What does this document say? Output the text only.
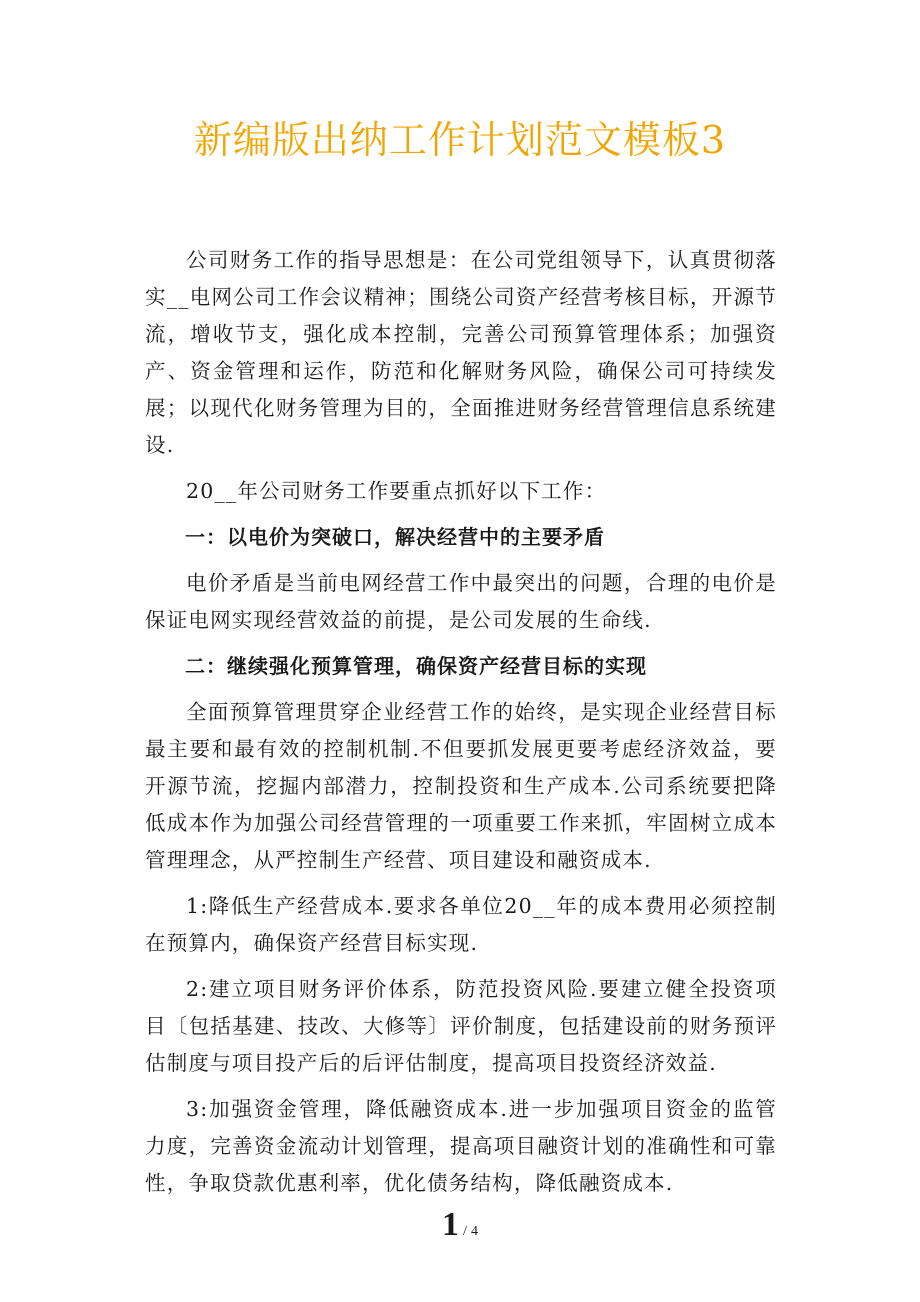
新编版出纳工作计划范文模板3

公司财务工作的指导思想是：在公司党组领导下，认真贯彻落实__电网公司工作会议精神；围绕公司资产经营考核目标，开源节流，增收节支，强化成本控制，完善公司预算管理体系；加强资产、资金管理和运作，防范和化解财务风险，确保公司可持续发展；以现代化财务管理为目的，全面推进财务经营管理信息系统建设.

20__年公司财务工作要重点抓好以下工作：

一：以电价为突破口，解决经营中的主要矛盾

电价矛盾是当前电网经营工作中最突出的问题，合理的电价是保证电网实现经营效益的前提，是公司发展的生命线.

二：继续强化预算管理，确保资产经营目标的实现

全面预算管理贯穿企业经营工作的始终，是实现企业经营目标最主要和最有效的控制机制.不但要抓发展更要考虑经济效益，要开源节流，挖掘内部潜力，控制投资和生产成本.公司系统要把降低成本作为加强公司经营管理的一项重要工作来抓，牢固树立成本管理理念，从严控制生产经营、项目建设和融资成本.

1:降低生产经营成本.要求各单位20__年的成本费用必须控制在预算内，确保资产经营目标实现.

2:建立项目财务评价体系，防范投资风险.要建立健全投资项目〔包括基建、技改、大修等〕评价制度，包括建设前的财务预评估制度与项目投产后的后评估制度，提高项目投资经济效益.

3:加强资金管理，降低融资成本.进一步加强项目资金的监管力度，完善资金流动计划管理，提高项目融资计划的准确性和可靠性，争取贷款优惠利率，优化债务结构，降低融资成本.

1 / 4
